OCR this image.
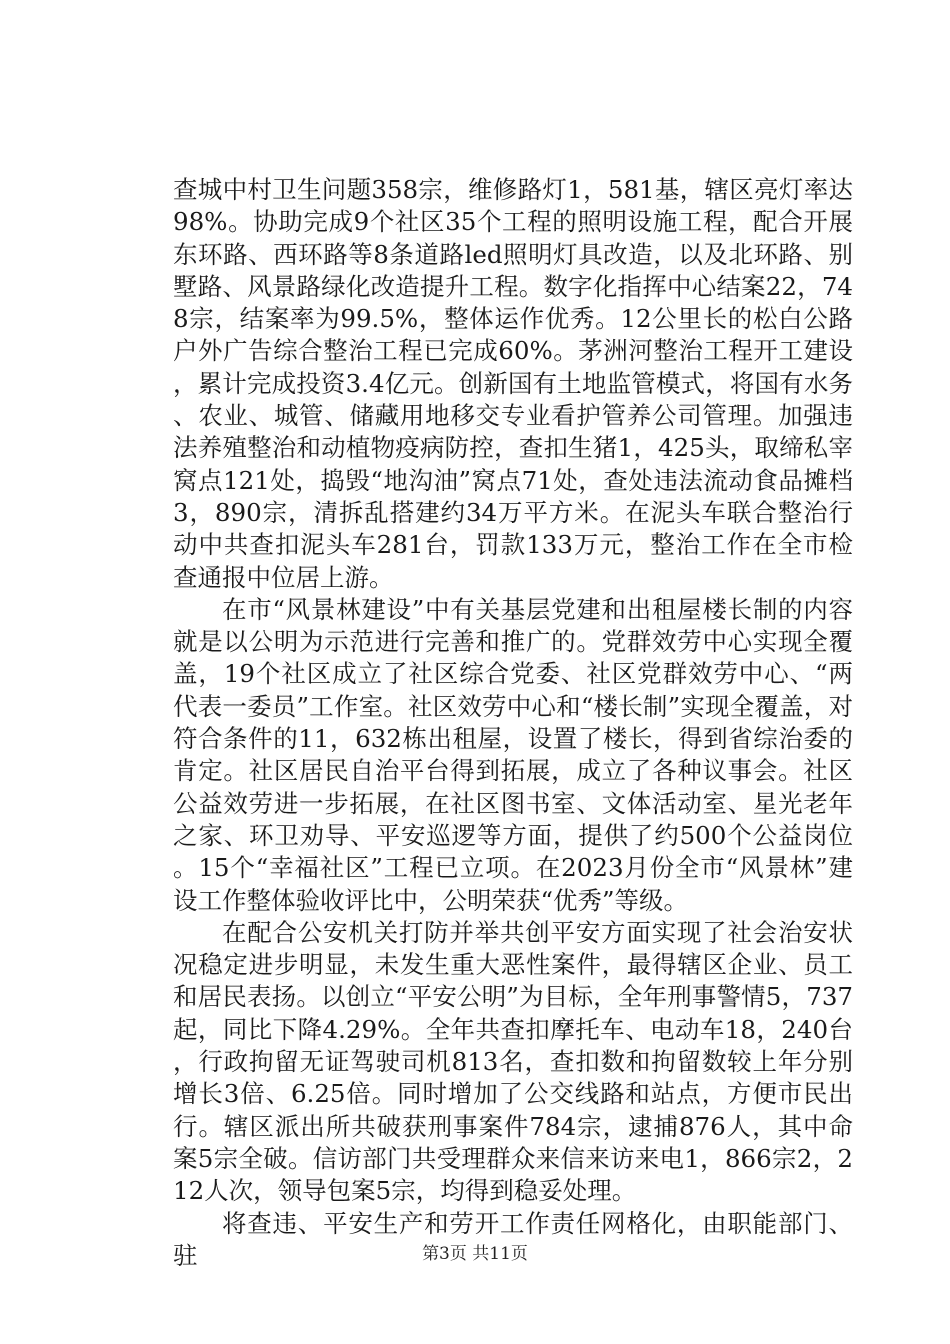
查城中村卫生问题358宗，维修路灯1，581基，辖区亮灯率达98%。协助完成9个社区35个工程的照明设施工程，配合开展东环路、西环路等8条道路led照明灯具改造，以及北环路、别墅路、风景路绿化改造提升工程。数字化指挥中心结案22，748宗，结案率为99.5%，整体运作优秀。12公里长的松白公路户外广告综合整治工程已完成60%。茅洲河整治工程开工建设，累计完成投资3.4亿元。创新国有土地监管模式，将国有水务、农业、城管、储藏用地移交专业看护管养公司管理。加强违法养殖整治和动植物疫病防控，查扣生猪1，425头，取缔私宰窝点121处，捣毁“地沟油”窝点71处，查处违法流动食品摊档3，890宗，清拆乱搭建约34万平方米。在泥头车联合整治行动中共查扣泥头车281台，罚款133万元，整治工作在全市检查通报中位居上游。

在市“风景林建设”中有关基层党建和出租屋楼长制的内容就是以公明为示范进行完善和推广的。党群效劳中心实现全覆盖，19个社区成立了社区综合党委、社区党群效劳中心、“两代表一委员”工作室。社区效劳中心和“楼长制”实现全覆盖，对符合条件的11，632栋出租屋，设置了楼长，得到省综治委的肯定。社区居民自治平台得到拓展，成立了各种议事会。社区公益效劳进一步拓展，在社区图书室、文体活动室、星光老年之家、环卫劝导、平安巡逻等方面，提供了约500个公益岗位。15个“幸福社区”工程已立项。在2023月份全市“风景林”建设工作整体验收评比中，公明荣获“优秀”等级。

在配合公安机关打防并举共创平安方面实现了社会治安状况稳定进步明显，未发生重大恶性案件，最得辖区企业、员工和居民表扬。以创立“平安公明”为目标，全年刑事警情5，737起，同比下降4.29%。全年共查扣摩托车、电动车18，240台，行政拘留无证驾驶司机813名，查扣数和拘留数较上年分别增长3倍、6.25倍。同时增加了公交线路和站点，方便市民出行。辖区派出所共破获刑事案件784宗，逮捕876人，其中命案5宗全破。信访部门共受理群众来信来访来电1，866宗2，212人次，领导包案5宗，均得到稳妥处理。

将查违、平安生产和劳开工作责任网格化，由职能部门、驻	第3页 共11页
